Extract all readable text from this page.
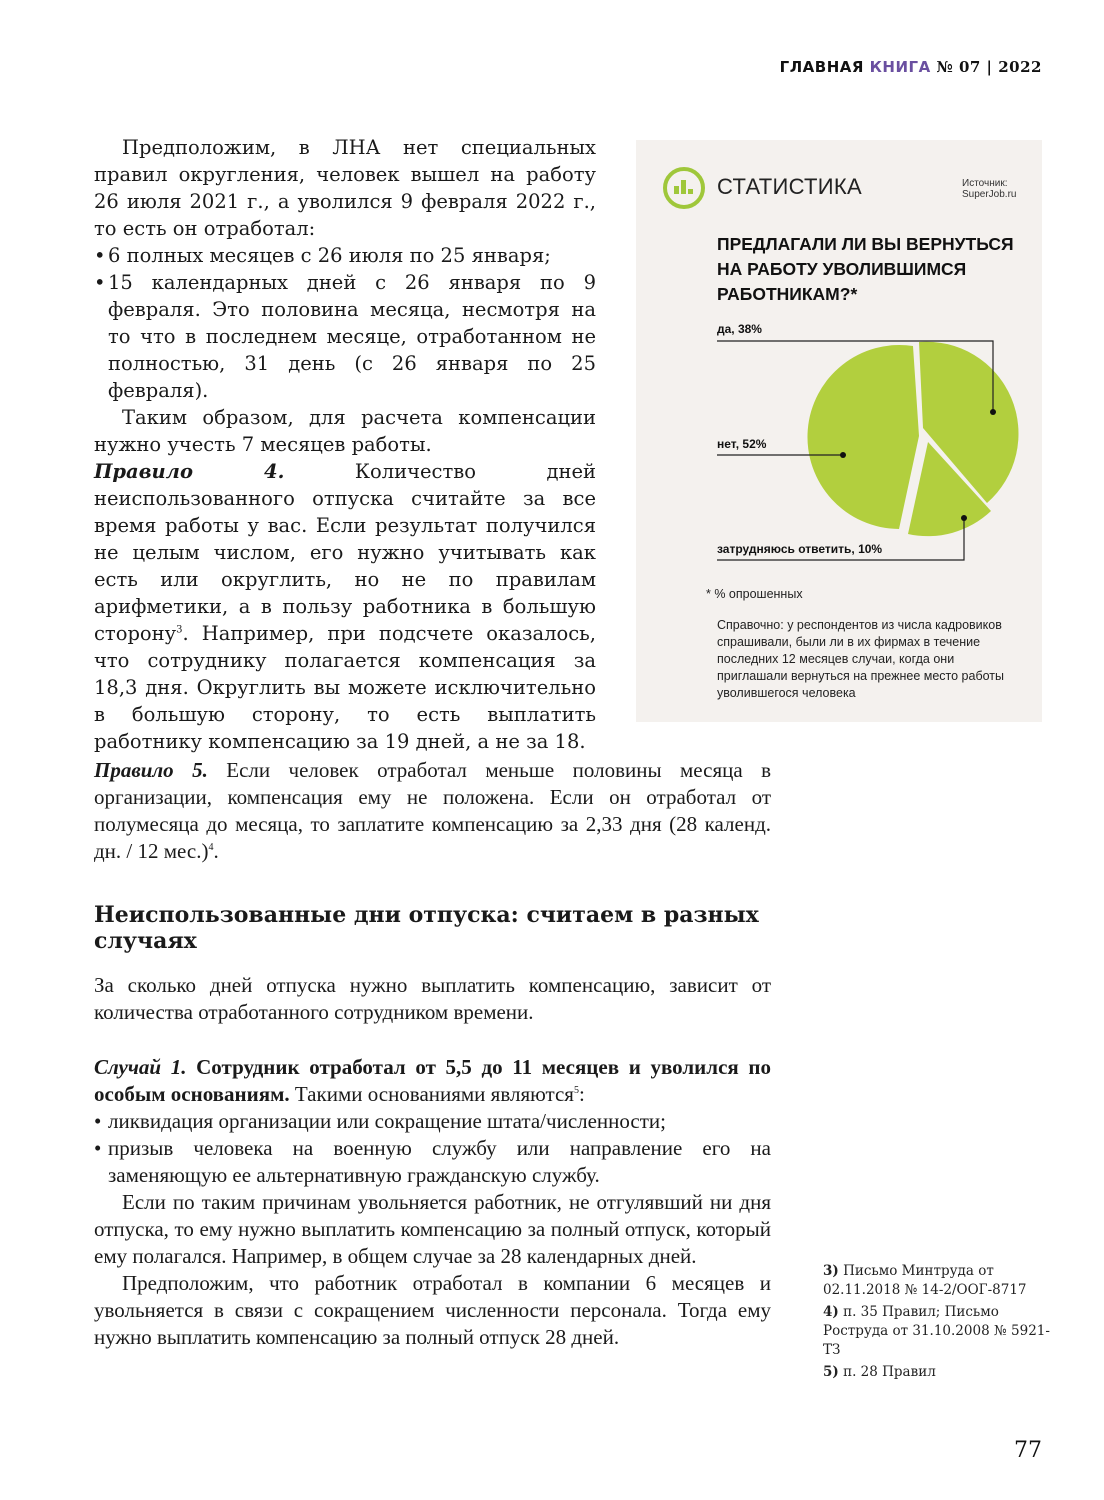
ГЛАВНАЯ КНИГА № 07 | 2022

Предположим, в ЛНА нет специальных правил округления, человек вышел на работу 26 июля 2021 г., а уволился 9 февраля 2022 г., то есть он отработал:

• 6 полных месяцев с 26 июля по 25 января;
• 15 календарных дней с 26 января по 9 февраля. Это половина месяца, несмотря на то что в последнем месяце, отработанном не полностью, 31 день (с 26 января по 25 февраля).

Таким образом, для расчета компенсации нужно учесть 7 месяцев работы.

Правило 4. Количество дней неиспользованного отпуска считайте за все время работы у вас. Если результат получился не целым числом, его нужно учитывать как есть или округлить, но не по правилам арифметики, а в пользу работника в большую сторону$^3$. Например, при подсчете оказалось, что сотруднику полагается компенсация за 18,3 дня. Округлить вы можете исключительно в большую сторону, то есть выплатить работнику компенсацию за 19 дней, а не за 18.

Правило 5. Если человек отработал меньше половины месяца в организации, компенсация ему не положена. Если он отработал от полумесяца до месяца, то заплатите компенсацию за 2,33 дня (28 календ. дн. / 12 мес.)$^4$.

Неиспользованные дни отпуска: считаем в разных случаях

За сколько дней отпуска нужно выплатить компенсацию, зависит от количества отработанного сотрудником времени.

Случай 1. Сотрудник отработал от 5,5 до 11 месяцев и уволился по особым основаниям. Такими основаниями являются$^5$:

• ликвидация организации или сокращение штата/численности;
• призыв человека на военную службу или направление его на заменяющую ее альтернативную гражданскую службу.

Если по таким причинам увольняется работник, не отгулявший ни дня отпуска, то ему нужно выплатить компенсацию за полный отпуск, который ему полагался. Например, в общем случае за 28 календарных дней.

Предположим, что работник отработал в компании 6 месяцев и увольняется в связи с сокращением численности персонала. Тогда ему нужно выплатить компенсацию за полный отпуск 28 дней.

СТАТИСТИКА	Источник:
SuperJob.ru
ПРЕДЛАГАЛИ ЛИ ВЫ ВЕРНУТЬСЯ НА РАБОТУ УВОЛИВШИМСЯ РАБОТНИКАМ?*
да, 38%
нет, 52%
затрудняюсь ответить, 10%
* % опрошенных
Справочно: у респондентов из числа кадровиков спрашивали, были ли в их фирмах в течение последних 12 месяцев случаи, когда они приглашали вернуться на прежнее место работы уволившегося человека
3) Письмо Минтруда от 02.11.2018 № 14-2/ООГ-8717
4) п. 35 Правил; Письмо Роструда от 31.10.2008 № 5921-ТЗ
5) п. 28 Правил
77
